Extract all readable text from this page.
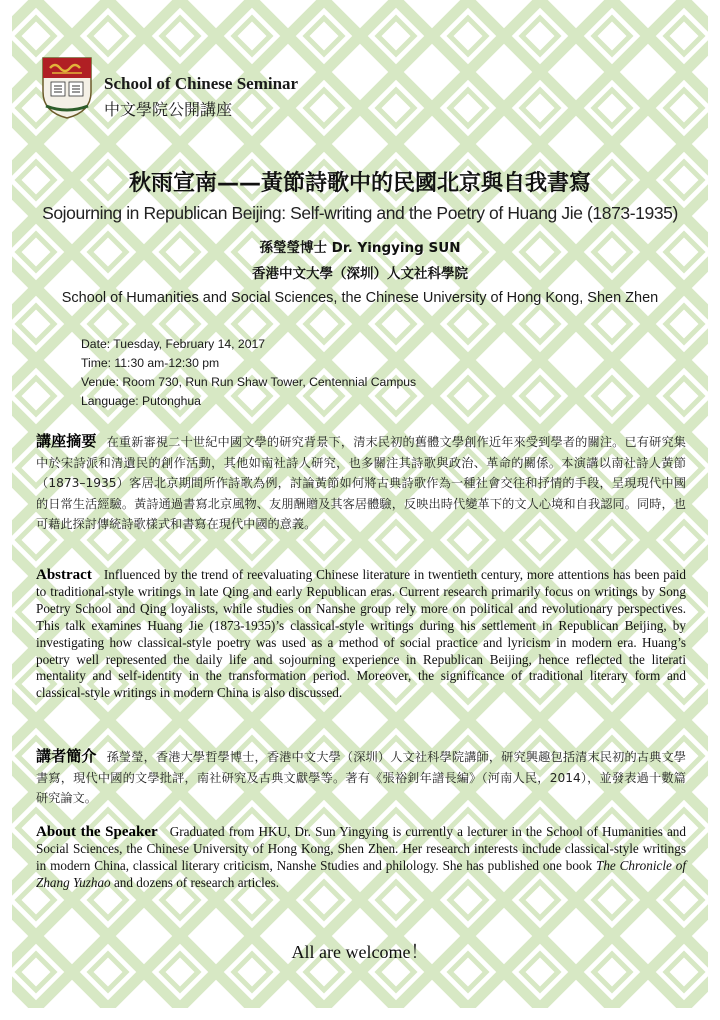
School of Chinese Seminar
中文學院公開講座
秋雨宣南——黃節詩歌中的民國北京與自我書寫
Sojourning in Republican Beijing: Self-writing and the Poetry of Huang Jie (1873-1935)
孫瑩瑩博士 Dr. Yingying SUN
香港中文大學（深圳）人文社科學院
School of Humanities and Social Sciences, the Chinese University of Hong Kong, Shen Zhen
Date: Tuesday, February 14, 2017
Time: 11:30 am-12:30 pm
Venue: Room 730, Run Run Shaw Tower, Centennial Campus
Language: Putonghua
講座摘要 在重新審視二十世紀中國文學的研究背景下，清末民初的舊體文學創作近年來受到學者的關注。已有研究集中於宋詩派和清遺民的創作活動，其他如南社詩人研究，也多關注其詩歌與政治、革命的關係。本演講以南社詩人黃節（1873–1935）客居北京期間所作詩歌為例，討論黃節如何將古典詩歌作為一種社會交往和抒情的手段，呈現現代中國的日常生活經驗。黃詩通過書寫北京風物、友朋酬贈及其客居體驗，反映出時代變革下的文人心境和自我認同。同時，也可藉此探討傳統詩歌樣式和書寫在現代中國的意義。
Abstract Influenced by the trend of reevaluating Chinese literature in twentieth century, more attentions has been paid to traditional-style writings in late Qing and early Republican eras. Current research primarily focus on writings by Song Poetry School and Qing loyalists, while studies on Nanshe group rely more on political and revolutionary perspectives. This talk examines Huang Jie (1873-1935)’s classical-style writings during his settlement in Republican Beijing, by investigating how classical-style poetry was used as a method of social practice and lyricism in modern era. Huang’s poetry well represented the daily life and sojourning experience in Republican Beijing, hence reflected the literati mentality and self-identity in the transformation period. Moreover, the significance of traditional literary form and classical-style writings in modern China is also discussed.
講者簡介 孫瑩瑩，香港大學哲學博士，香港中文大學（深圳）人文社科學院講師，研究興趣包括清末民初的古典文學書寫，現代中國的文學批評，南社研究及古典文獻學等。著有《張裕釗年譜長編》（河南人民，2014），並發表過十數篇研究論文。
About the Speaker Graduated from HKU, Dr. Sun Yingying is currently a lecturer in the School of Humanities and Social Sciences, the Chinese University of Hong Kong, Shen Zhen. Her research interests include classical-style writings in modern China, classical literary criticism, Nanshe Studies and philology. She has published one book The Chronicle of Zhang Yuzhao and dozens of research articles.
All are welcome！
